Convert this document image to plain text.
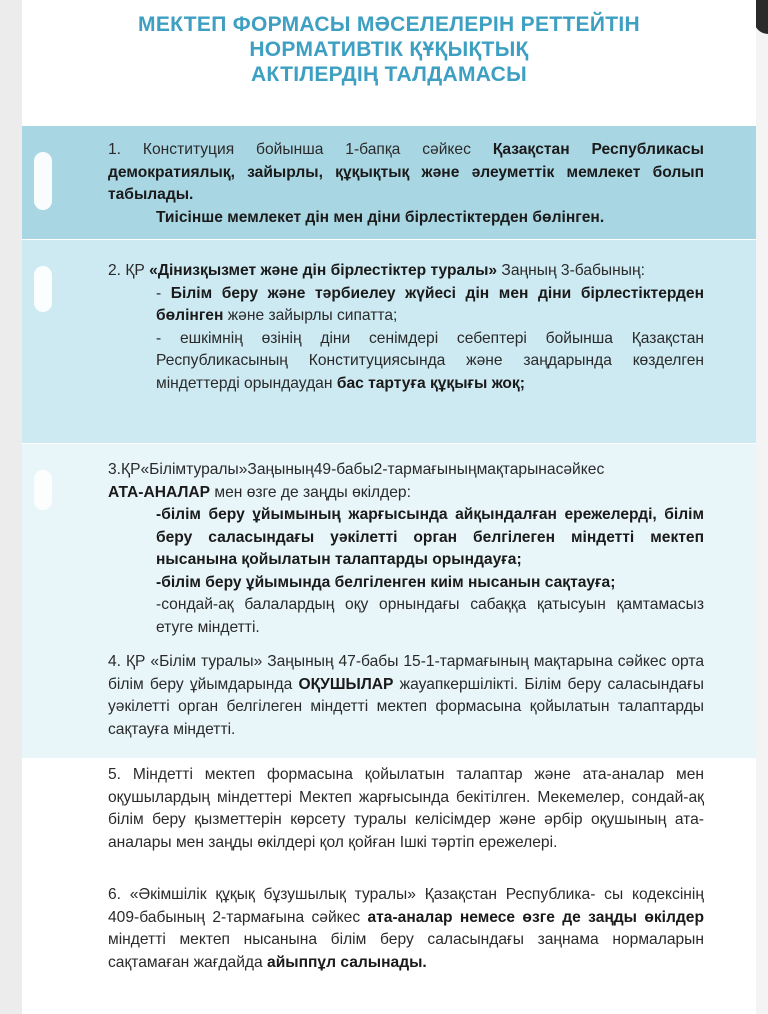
МЕКТЕП ФОРМАСЫ МӘСЕЛЕЛЕРІН РЕТТЕЙТІН
НОРМАТИВТІК ҚҰҚЫҚТЫҚ
АКТІЛЕРДІҢ ТАЛДАМАСЫ

1. Конституция бойынша 1-бапқа сәйкес Қазақстан Республикасы демократиялық, зайырлы, құқықтық және әлеуметтік мемлекет болып табылады.

Тиісінше мемлекет дін мен діни бірлестіктерден бөлінген.

2. ҚР «Дінизқызмет және дін бірлестіктер туралы» Заңның 3-бабының:

- Білім беру және тәрбиелеу жүйесі дін мен діни бірлестіктерден бөлінген және зайырлы сипатта;

- ешкімнің өзінің діни сенімдері себептері бойынша Қазақстан Республикасының Конституциясында және заңдарында көзделген міндеттерді орындаудан бас тартуға құқығы жоқ;

3.ҚР«Білімтуралы»Заңының49-бабы2-тармағыныңмақтарынасәйкес

АТА-АНАЛАР мен өзге де заңды өкілдер:

-білім беру ұйымының жарғысында айқындалған ережелерді, білім беру саласындағы уәкілетті орган белгілеген міндетті мектеп нысанына қойылатын талаптарды орындауға;

-білім беру ұйымында белгіленген киім нысанын сақтауға;

-сондай-ақ балалардың оқу орнындағы сабаққа қатысуын қамтамасыз етуге міндетті.

4. ҚР «Білім туралы» Заңының 47-бабы 15-1-тармағының мақтарына сәйкес орта білім беру ұйымдарында ОҚУШЫЛАР жауапкершілікті. Білім беру саласындағы уәкілетті орган белгілеген міндетті мектеп формасына қойылатын талаптарды сақтауға міндетті.

5. Міндетті мектеп формасына қойылатын талаптар және ата-аналар мен оқушылардың міндеттері Мектеп жарғысында бекітілген. Мекемелер, сондай-ақ білім беру қызметтерін көрсету туралы келісімдер және әрбір оқушының ата-аналары мен заңды өкілдері қол қойған Ішкі тәртіп ережелері.

6. «Әкімшілік құқық бұзушылық туралы» Қазақстан Республика- сы кодексінің 409-бабының 2-тармағына сәйкес ата-аналар немесе өзге де заңды өкілдер міндетті мектеп нысанына білім беру саласындағы заңнама нормаларын сақтамаған жағдайда айыппұл салынады.
